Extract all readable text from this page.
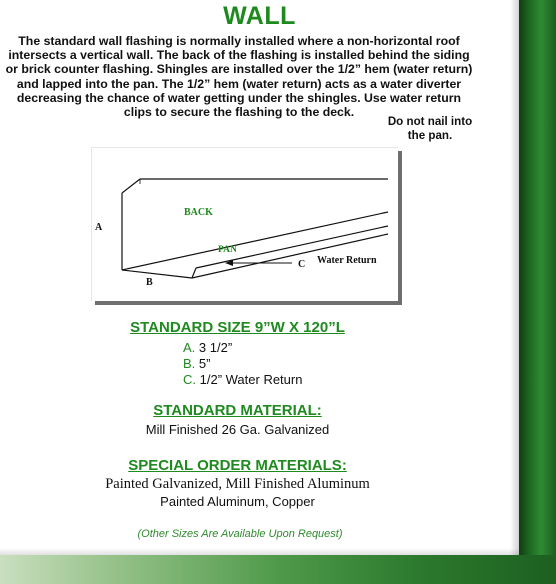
WALL
The standard wall flashing is normally installed where a non-horizontal roof intersects a vertical wall. The back of the flashing is installed behind the siding or brick counter flashing. Shingles are installed over the 1/2” hem (water return) and lapped into the pan. The 1/2” hem (water return) acts as a water diverter decreasing the chance of water getting under the shingles. Use water return clips to secure the flashing to the deck.
Do not nail into the pan.
BACK
PAN
A
B
C Water Return
STANDARD SIZE 9”W X 120”L
A. 3 1/2”
B. 5”
C. 1/2” Water Return
STANDARD MATERIAL:
Mill Finished 26 Ga. Galvanized
SPECIAL ORDER MATERIALS:
Painted Galvanized, Mill Finished Aluminum
Painted Aluminum, Copper
(Other Sizes Are Available Upon Request)
